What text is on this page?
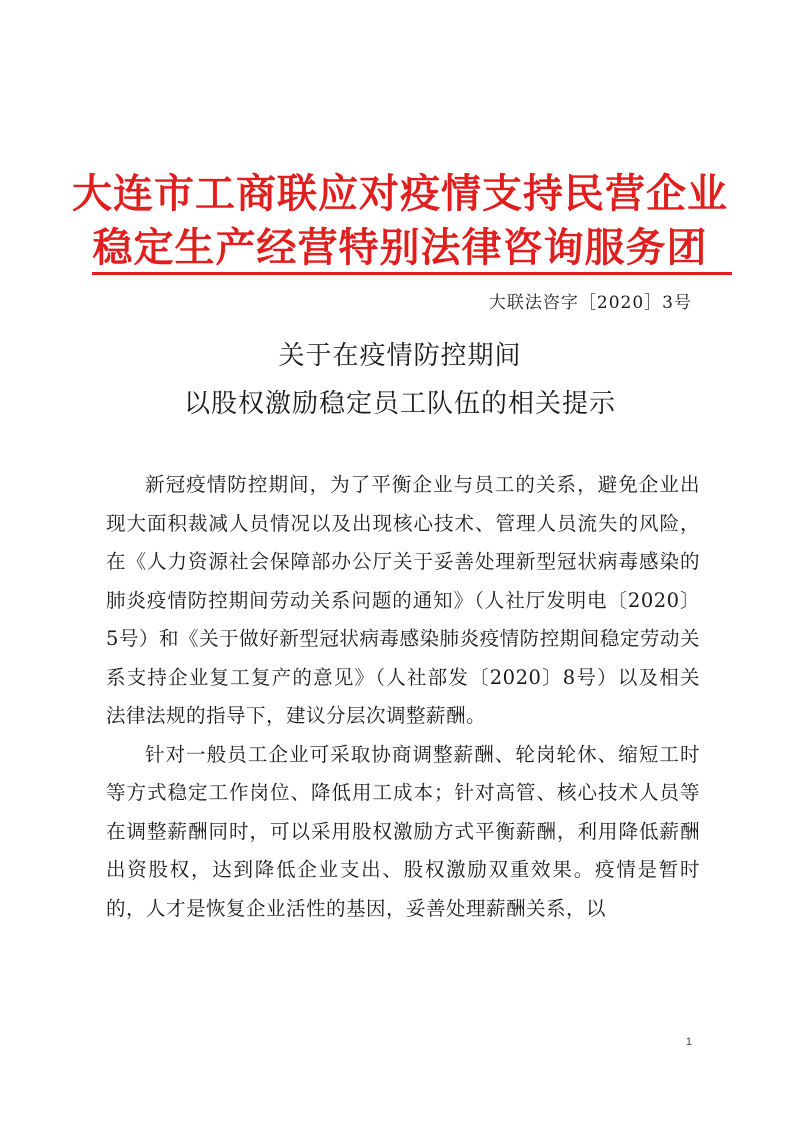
大连市工商联应对疫情支持民营企业
稳定生产经营特别法律咨询服务团
大联法咨字［2020］3号
关于在疫情防控期间
以股权激励稳定员工队伍的相关提示

新冠疫情防控期间，为了平衡企业与员工的关系，避免企业出现大面积裁减人员情况以及出现核心技术、管理人员流失的风险，在《人力资源社会保障部办公厅关于妥善处理新型冠状病毒感染的肺炎疫情防控期间劳动关系问题的通知》（人社厅发明电〔2020〕5号）和《关于做好新型冠状病毒感染肺炎疫情防控期间稳定劳动关系支持企业复工复产的意见》（人社部发〔2020〕8号）以及相关法律法规的指导下，建议分层次调整薪酬。

针对一般员工企业可采取协商调整薪酬、轮岗轮休、缩短工时等方式稳定工作岗位、降低用工成本；针对高管、核心技术人员等在调整薪酬同时，可以采用股权激励方式平衡薪酬，利用降低薪酬出资股权，达到降低企业支出、股权激励双重效果。疫情是暂时的，人才是恢复企业活性的基因，妥善处理薪酬关系，以

1
